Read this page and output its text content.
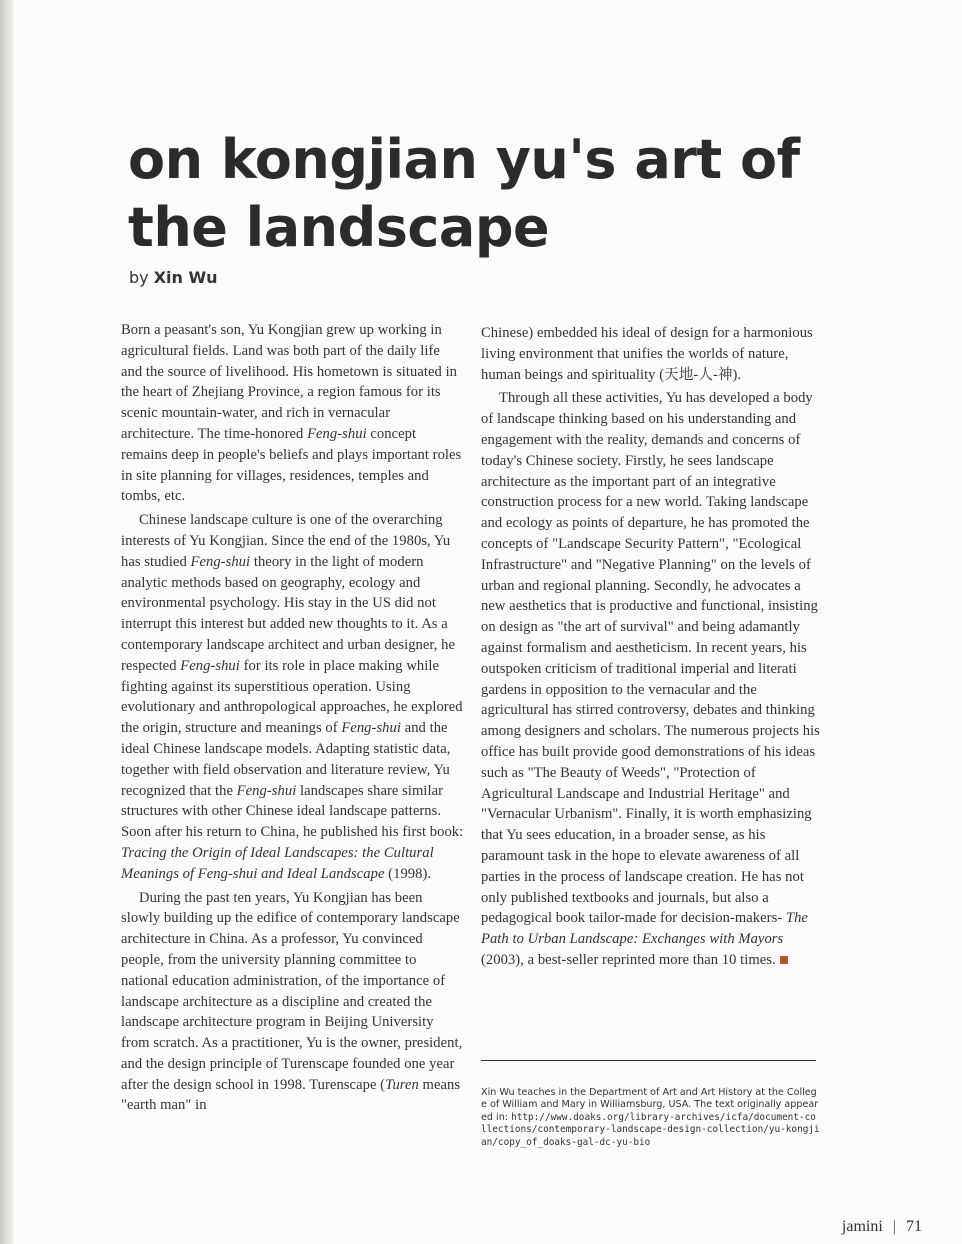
on kongjian yu's art of the landscape
by Xin Wu

Born a peasant's son, Yu Kongjian grew up working in agricultural fields. Land was both part of the daily life and the source of livelihood. His hometown is situated in the heart of Zhejiang Province, a region famous for its scenic mountain-water, and rich in vernacular architecture. The time-honored Feng-shui concept remains deep in people's beliefs and plays important roles in site planning for villages, residences, temples and tombs, etc.

Chinese landscape culture is one of the overarching interests of Yu Kongjian. Since the end of the 1980s, Yu has studied Feng-shui theory in the light of modern analytic methods based on geography, ecology and environmental psychology. His stay in the US did not interrupt this interest but added new thoughts to it. As a contemporary landscape architect and urban designer, he respected Feng-shui for its role in place making while fighting against its superstitious operation. Using evolutionary and anthropological approaches, he explored the origin, structure and meanings of Feng-shui and the ideal Chinese landscape models. Adapting statistic data, together with field observation and literature review, Yu recognized that the Feng-shui landscapes share similar structures with other Chinese ideal landscape patterns. Soon after his return to China, he published his first book: Tracing the Origin of Ideal Landscapes: the Cultural Meanings of Feng-shui and Ideal Landscape (1998).

During the past ten years, Yu Kongjian has been slowly building up the edifice of contemporary landscape architecture in China. As a professor, Yu convinced people, from the university planning committee to national education administration, of the importance of landscape architecture as a discipline and created the landscape architecture program in Beijing University from scratch. As a practitioner, Yu is the owner, president, and the design principle of Turenscape founded one year after the design school in 1998. Turenscape (Turen means "earth man" in

Chinese) embedded his ideal of design for a harmonious living environment that unifies the worlds of nature, human beings and spirituality (天地-人-神).

Through all these activities, Yu has developed a body of landscape thinking based on his understanding and engagement with the reality, demands and concerns of today's Chinese society. Firstly, he sees landscape architecture as the important part of an integrative construction process for a new world. Taking landscape and ecology as points of departure, he has promoted the concepts of "Landscape Security Pattern", "Ecological Infrastructure" and "Negative Planning" on the levels of urban and regional planning. Secondly, he advocates a new aesthetics that is productive and functional, insisting on design as "the art of survival" and being adamantly against formalism and aestheticism. In recent years, his outspoken criticism of traditional imperial and literati gardens in opposition to the vernacular and the agricultural has stirred controversy, debates and thinking among designers and scholars. The numerous projects his office has built provide good demonstrations of his ideas such as "The Beauty of Weeds", "Protection of Agricultural Landscape and Industrial Heritage" and "Vernacular Urbanism". Finally, it is worth emphasizing that Yu sees education, in a broader sense, as his paramount task in the hope to elevate awareness of all parties in the process of landscape creation. He has not only published textbooks and journals, but also a pedagogical book tailor-made for decision-makers- The Path to Urban Landscape: Exchanges with Mayors (2003), a best-seller reprinted more than 10 times.

Xin Wu teaches in the Department of Art and Art History at the College of William and Mary in Williamsburg, USA. The text originally appeared in: http://www.doaks.org/library-archives/icfa/document-collections/contemporary-landscape-design-collection/yu-kongjian/copy_of_doaks-gal-dc-yu-bio
jamini | 71
